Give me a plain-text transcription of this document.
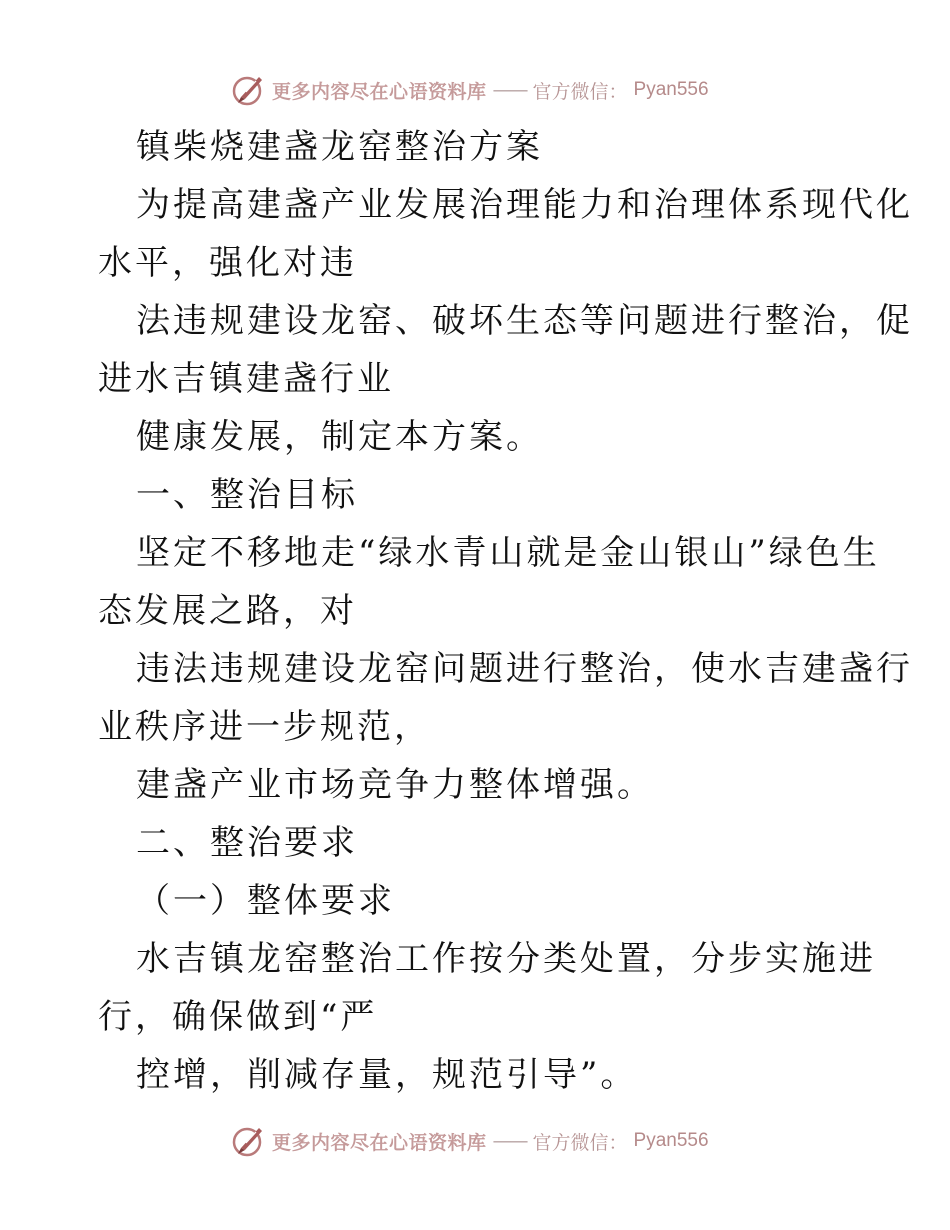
更多内容尽在心语资料库 —— 官方微信： Pyan556
镇柴烧建盏龙窑整治方案
为提高建盏产业发展治理能力和治理体系现代化
水平，强化对违
法违规建设龙窑、破坏生态等问题进行整治，促
进水吉镇建盏行业
健康发展，制定本方案。
一、整治目标
坚定不移地走“绿水青山就是金山银山”绿色生
态发展之路，对
违法违规建设龙窑问题进行整治，使水吉建盏行
业秩序进一步规范，
建盏产业市场竞争力整体增强。
二、整治要求
（一）整体要求
水吉镇龙窑整治工作按分类处置，分步实施进
行，确保做到“严
控增，削减存量，规范引导”。
更多内容尽在心语资料库 —— 官方微信： Pyan556
